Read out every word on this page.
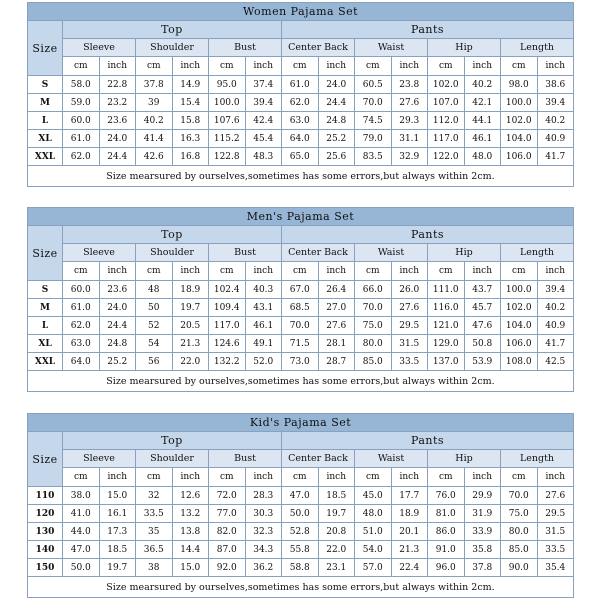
Women Pajama Set														
Size	Top						Pants							
	Sleeve		Shoulder		Bust		Center Back		Waist		Hip		Length	
	cm	inch	cm	inch	cm	inch	cm	inch	cm	inch	cm	inch	cm	inch
S	58.0	22.8	37.8	14.9	95.0	37.4	61.0	24.0	60.5	23.8	102.0	40.2	98.0	38.6
M	59.0	23.2	39	15.4	100.0	39.4	62.0	24.4	70.0	27.6	107.0	42.1	100.0	39.4
L	60.0	23.6	40.2	15.8	107.6	42.4	63.0	24.8	74.5	29.3	112.0	44.1	102.0	40.2
XL	61.0	24.0	41.4	16.3	115.2	45.4	64.0	25.2	79.0	31.1	117.0	46.1	104.0	40.9
XXL	62.0	24.4	42.6	16.8	122.8	48.3	65.0	25.6	83.5	32.9	122.0	48.0	106.0	41.7
Size mearsured by ourselves,sometimes has some errors,but always within 2cm.														
Men's Pajama Set														
Size	Top						Pants							
	Sleeve		Shoulder		Bust		Center Back		Waist		Hip		Length	
	cm	inch	cm	inch	cm	inch	cm	inch	cm	inch	cm	inch	cm	inch
S	60.0	23.6	48	18.9	102.4	40.3	67.0	26.4	66.0	26.0	111.0	43.7	100.0	39.4
M	61.0	24.0	50	19.7	109.4	43.1	68.5	27.0	70.0	27.6	116.0	45.7	102.0	40.2
L	62.0	24.4	52	20.5	117.0	46.1	70.0	27.6	75.0	29.5	121.0	47.6	104.0	40.9
XL	63.0	24.8	54	21.3	124.6	49.1	71.5	28.1	80.0	31.5	129.0	50.8	106.0	41.7
XXL	64.0	25.2	56	22.0	132.2	52.0	73.0	28.7	85.0	33.5	137.0	53.9	108.0	42.5
Size mearsured by ourselves,sometimes has some errors,but always within 2cm.														
Kid's Pajama Set														
Size	Top						Pants							
	Sleeve		Shoulder		Bust		Center Back		Waist		Hip		Length	
	cm	inch	cm	inch	cm	inch	cm	inch	cm	inch	cm	inch	cm	inch
110	38.0	15.0	32	12.6	72.0	28.3	47.0	18.5	45.0	17.7	76.0	29.9	70.0	27.6
120	41.0	16.1	33.5	13.2	77.0	30.3	50.0	19.7	48.0	18.9	81.0	31.9	75.0	29.5
130	44.0	17.3	35	13.8	82.0	32.3	52.8	20.8	51.0	20.1	86.0	33.9	80.0	31.5
140	47.0	18.5	36.5	14.4	87.0	34.3	55.8	22.0	54.0	21.3	91.0	35.8	85.0	33.5
150	50.0	19.7	38	15.0	92.0	36.2	58.8	23.1	57.0	22.4	96.0	37.8	90.0	35.4
Size mearsured by ourselves,sometimes has some errors,but always within 2cm.														
